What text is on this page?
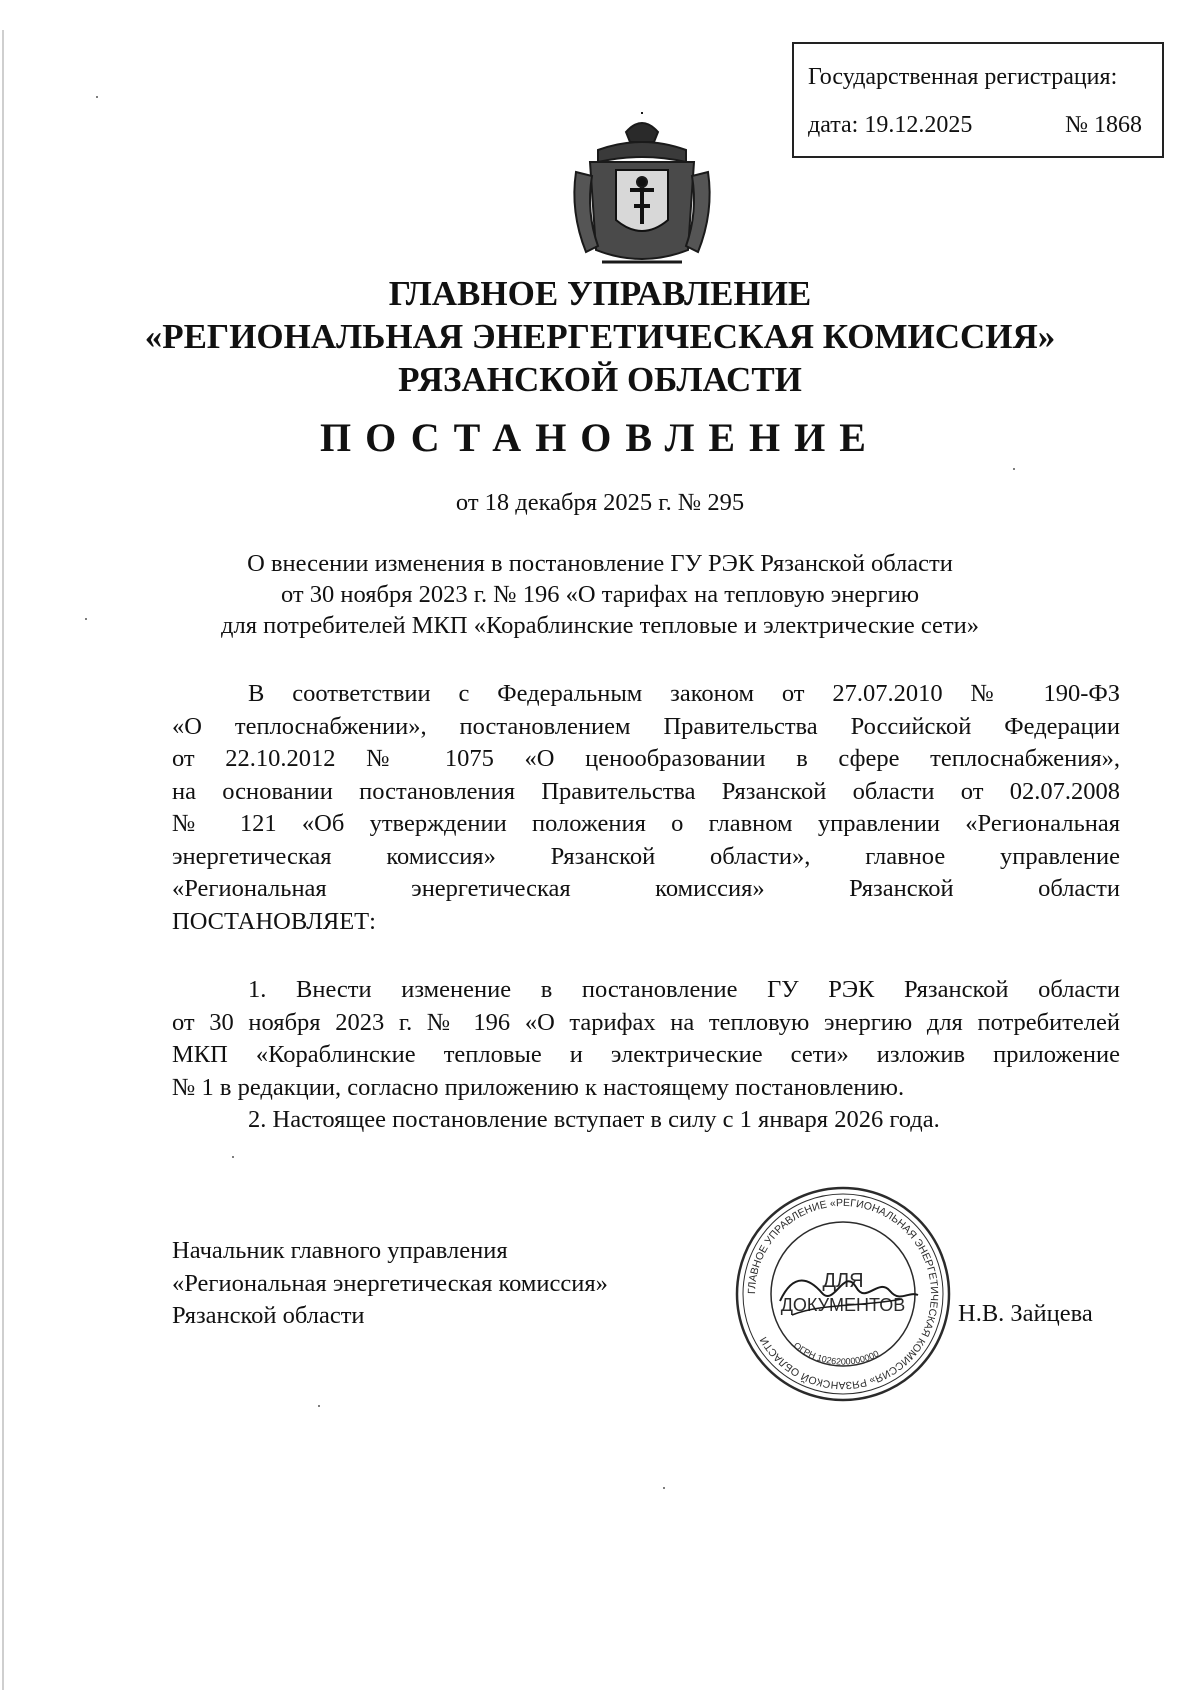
Государственная регистрация:
дата: 19.12.2025	№ 1868
ГЛАВНОЕ УПРАВЛЕНИЕ
«РЕГИОНАЛЬНАЯ ЭНЕРГЕТИЧЕСКАЯ КОМИССИЯ»
РЯЗАНСКОЙ ОБЛАСТИ
ПОСТАНОВЛЕНИЕ
от 18 декабря 2025 г. № 295
О внесении изменения в постановление ГУ РЭК Рязанской области
от 30 ноября 2023 г. № 196 «О тарифах на тепловую энергию
для потребителей МКП «Кораблинские тепловые и электрические сети»
В соответствии с Федеральным законом от 27.07.2010 № 190-ФЗ
«О теплоснабжении», постановлением Правительства Российской Федерации
от 22.10.2012 № 1075 «О ценообразовании в сфере теплоснабжения»,
на основании постановления Правительства Рязанской области от 02.07.2008
№ 121 «Об утверждении положения о главном управлении «Региональная
энергетическая комиссия» Рязанской области», главное управление
«Региональная энергетическая комиссия» Рязанской области
ПОСТАНОВЛЯЕТ:
1. Внести изменение в постановление ГУ РЭК Рязанской области
от 30 ноября 2023 г. № 196 «О тарифах на тепловую энергию для потребителей
МКП «Кораблинские тепловые и электрические сети» изложив приложение
№ 1 в редакции, согласно приложению к настоящему постановлению.
2. Настоящее постановление вступает в силу с 1 января 2026 года.
Начальник главного управления
«Региональная энергетическая комиссия»
Рязанской области
ГЛАВНОЕ УПРАВЛЕНИЕ «РЕГИОНАЛЬНАЯ ЭНЕРГЕТИЧЕСКАЯ КОМИССИЯ» РЯЗАНСКОЙ ОБЛАСТИ	ОГРН 1026200000000
ДЛЯ
ДОКУМЕНТОВ Н.В. Зайцева
